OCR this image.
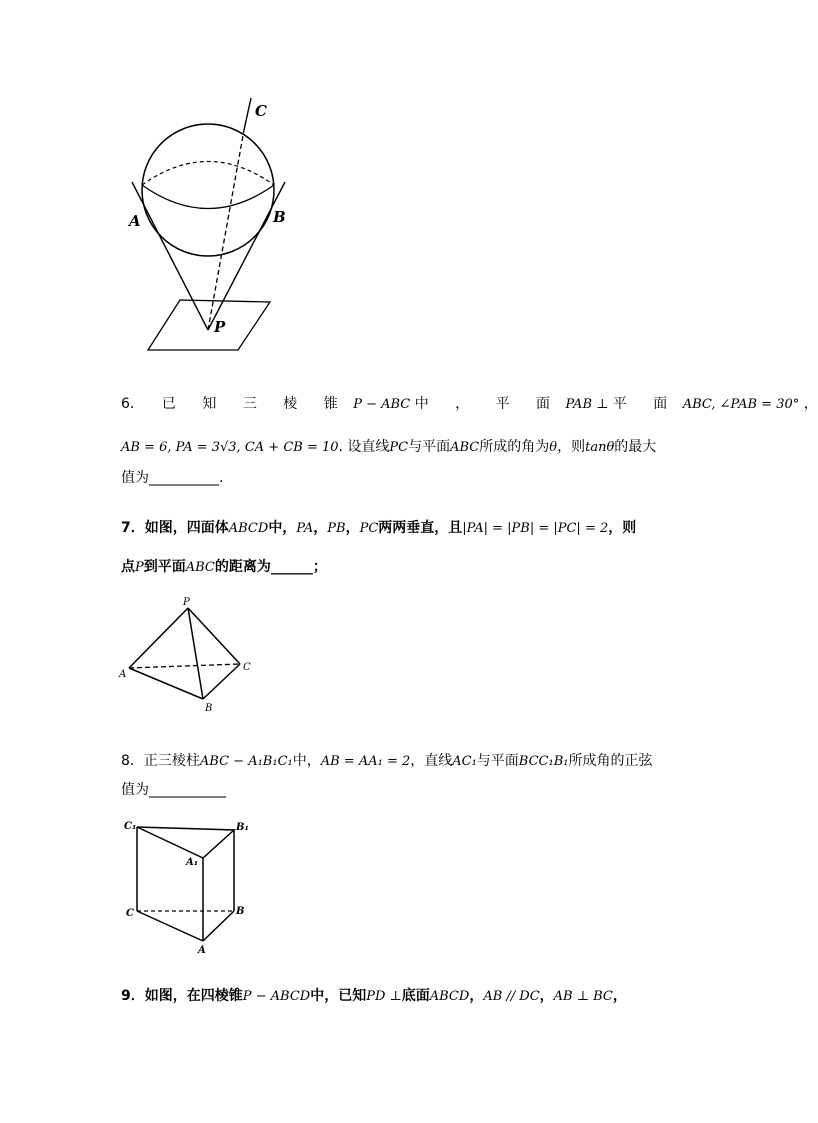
C
A	B
P
6． 已 知 三 棱 锥 P − ABC 中 ， 平 面 PAB ⊥ 平 面 ABC, ∠PAB = 30° ，
AB = 6, PA = 3√3, CA + CB = 10. 设直线PC与平面ABC所成的角为θ，则tanθ的最大
值为__________.
7．如图，四面体ABCD中，PA，PB，PC两两垂直，且|PA| = |PB| = |PC| = 2，则
点P到平面ABC的距离为______；
P
A
B
C
8．正三棱柱ABC − A₁B₁C₁中，AB = AA₁ = 2，直线AC₁与平面BCC₁B₁所成角的正弦
值为___________
C₁	B₁
A₁
C	B
A
9．如图，在四棱锥P − ABCD中，已知PD ⊥底面ABCD，AB // DC，AB ⊥ BC，
